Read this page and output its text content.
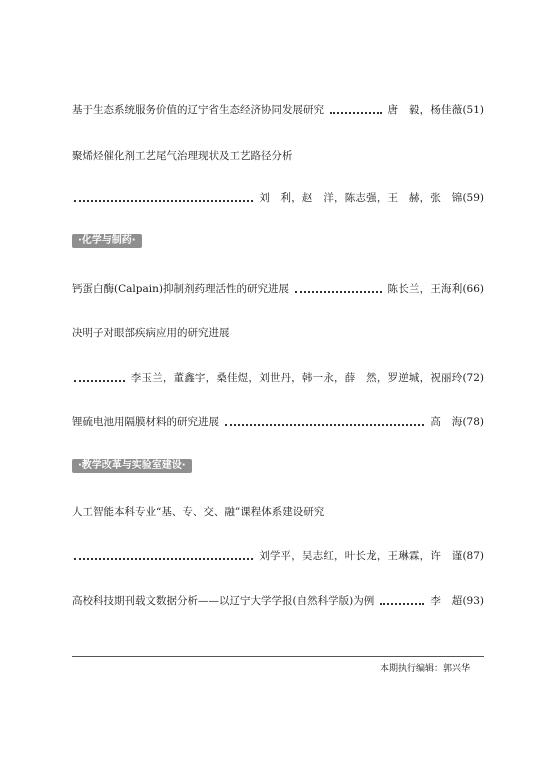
基于生态系统服务价值的辽宁省生态经济协同发展研究	唐　毅，杨佳薇 (51)
聚烯烃催化剂工艺尾气治理现状及工艺路径分析
刘　利，赵　洋，陈志强，王　赫，张　锦 (59)
·化学与制药·
钙蛋白酶(Calpain)抑制剂药理活性的研究进展	陈长兰，王海利 (66)
决明子对眼部疾病应用的研究进展
李玉兰，董鑫宇，桑佳煜，刘世丹，韩一永，薛　然，罗逆城，祝丽玲 (72)
锂硫电池用隔膜材料的研究进展	高　海 (78)
·教学改革与实验室建设·
人工智能本科专业“基、专、交、融”课程体系建设研究
刘学平，吴志红，叶长龙，王琳霖，许　谨 (87)
高校科技期刊载文数据分析——以辽宁大学学报(自然科学版)为例	李　超 (93)
本期执行编辑：郭兴华
